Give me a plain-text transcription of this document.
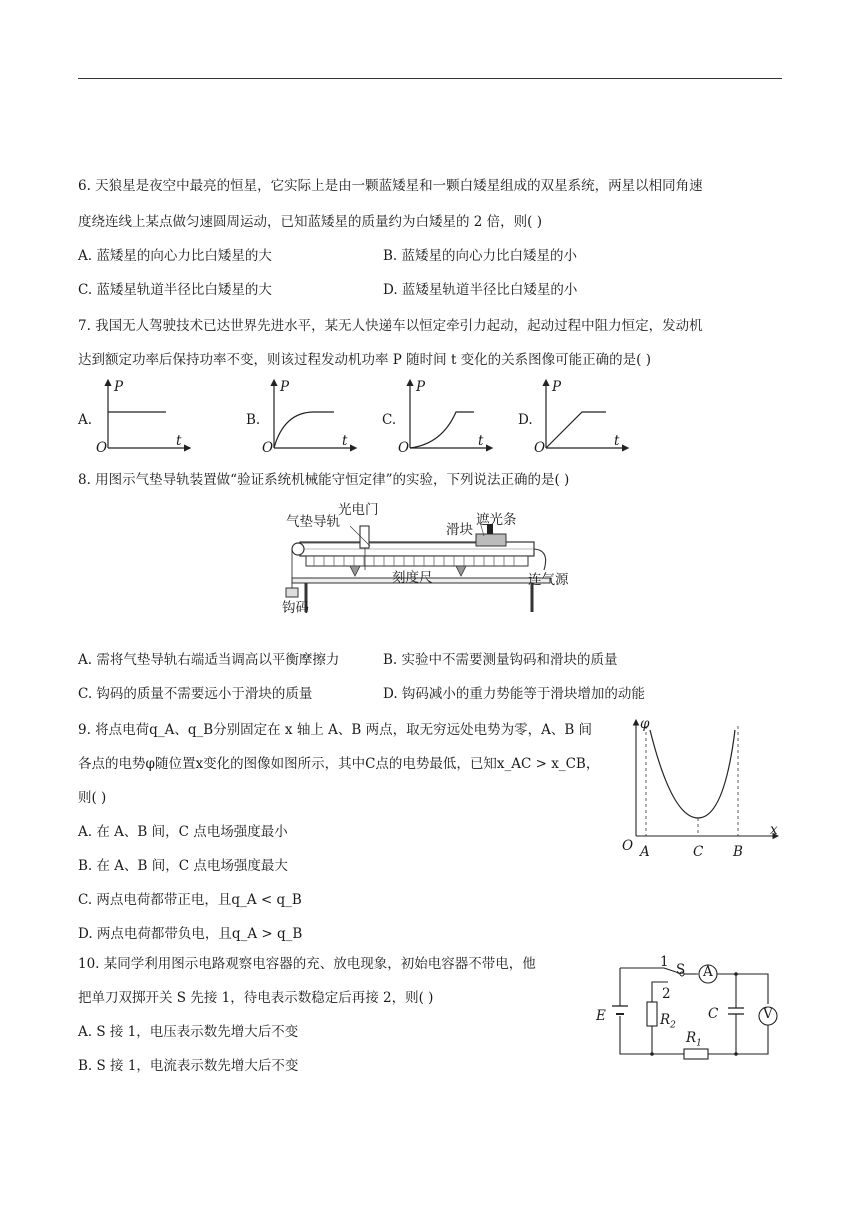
6. 天狼星是夜空中最亮的恒星，它实际上是由一颗蓝矮星和一颗白矮星组成的双星系统，两星以相同角速
度绕连线上某点做匀速圆周运动，已知蓝矮星的质量约为白矮星的 2 倍，则( )
A. 蓝矮星的向心力比白矮星的大	B. 蓝矮星的向心力比白矮星的小
C. 蓝矮星轨道半径比白矮星的大	D. 蓝矮星轨道半径比白矮星的小
7. 我国无人驾驶技术已达世界先进水平，某无人快递车以恒定牵引力起动，起动过程中阻力恒定，发动机
达到额定功率后保持功率不变，则该过程发动机功率 P 随时间 t 变化的关系图像可能正确的是( )
A.	B.	C.	D.
P
t
O
P
t
O
P
t
O
P
t
O
8. 用图示气垫导轨装置做“验证系统机械能守恒定律”的实验，下列说法正确的是( )
光电门
气垫导轨	滑块
遮光条
刻度尺	连气源
钩码
A. 需将气垫导轨右端适当调高以平衡摩擦力	B. 实验中不需要测量钩码和滑块的质量
C. 钩码的质量不需要远小于滑块的质量	D. 钩码减小的重力势能等于滑块增加的动能
9. 将点电荷q_A、q_B分别固定在 x 轴上 A、B 两点，取无穷远处电势为零，A、B 间
各点的电势φ随位置x变化的图像如图所示，其中C点的电势最低，已知x_AC > x_CB，
则( )
A. 在 A、B 间，C 点电场强度最小
B. 在 A、B 间，C 点电场强度最大
C. 两点电荷都带正电，且q_A < q_B
D. 两点电荷都带负电，且q_A > q_B
φ
x
O A	C B
10. 某同学利用图示电路观察电容器的充、放电现象，初始电容器不带电，他
把单刀双掷开关 S 先接 1，待电表示数稳定后再接 2，则( )
A. S 接 1，电压表示数先增大后不变
B. S 接 1，电流表示数先增大后不变
1 S
2
A
V
E	C
$R_2$
$R_1$
